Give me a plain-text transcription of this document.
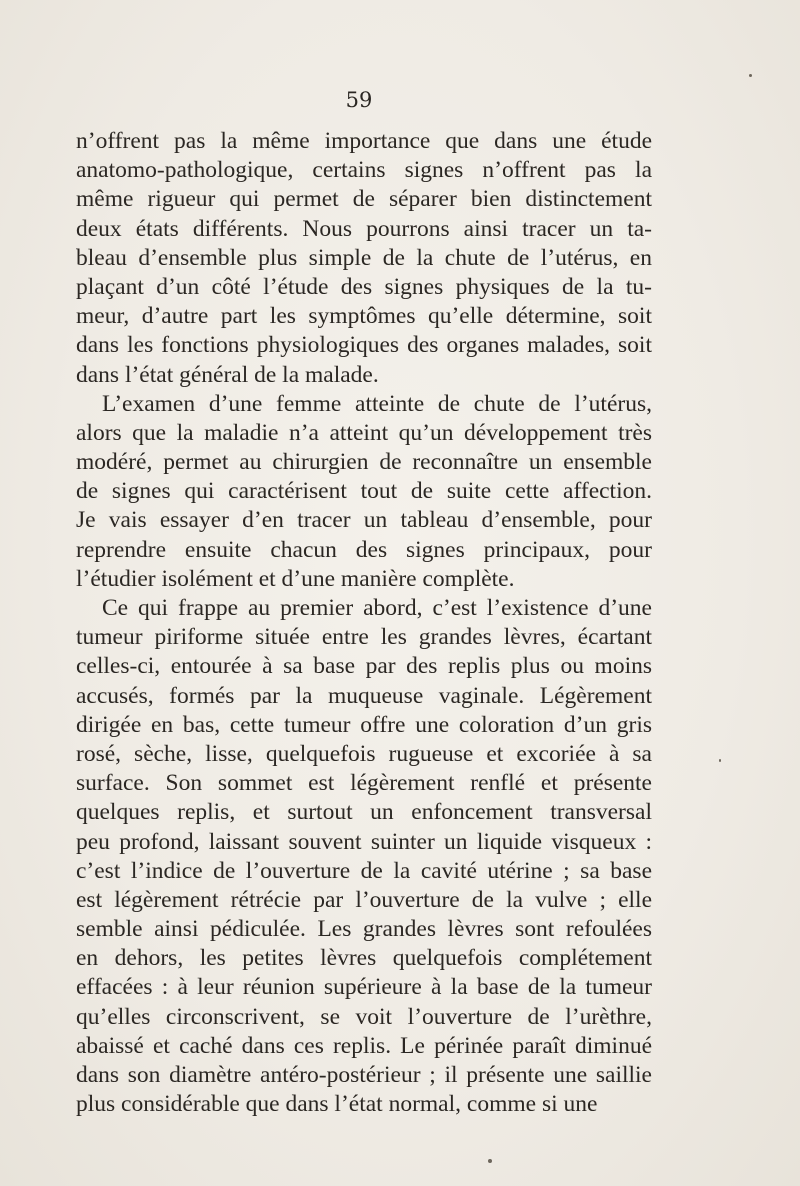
59
n’offrent pas la même importance que dans une étude
anatomo-pathologique, certains signes n’offrent pas la
même rigueur qui permet de séparer bien distinctement
deux états différents. Nous pourrons ainsi tracer un ta-
bleau d’ensemble plus simple de la chute de l’utérus, en
plaçant d’un côté l’étude des signes physiques de la tu-
meur, d’autre part les symptômes qu’elle détermine, soit
dans les fonctions physiologiques des organes malades, soit
dans l’état général de la malade.
L’examen d’une femme atteinte de chute de l’utérus,
alors que la maladie n’a atteint qu’un développement très
modéré, permet au chirurgien de reconnaître un ensemble
de signes qui caractérisent tout de suite cette affection.
Je vais essayer d’en tracer un tableau d’ensemble, pour
reprendre ensuite chacun des signes principaux, pour
l’étudier isolément et d’une manière complète.
Ce qui frappe au premier abord, c’est l’existence d’une
tumeur piriforme située entre les grandes lèvres, écartant
celles-ci, entourée à sa base par des replis plus ou moins
accusés, formés par la muqueuse vaginale. Légèrement
dirigée en bas, cette tumeur offre une coloration d’un gris
rosé, sèche, lisse, quelquefois rugueuse et excoriée à sa
surface. Son sommet est légèrement renflé et présente
quelques replis, et surtout un enfoncement transversal
peu profond, laissant souvent suinter un liquide visqueux :
c’est l’indice de l’ouverture de la cavité utérine ; sa base
est légèrement rétrécie par l’ouverture de la vulve ; elle
semble ainsi pédiculée. Les grandes lèvres sont refoulées
en dehors, les petites lèvres quelquefois complétement
effacées : à leur réunion supérieure à la base de la tumeur
qu’elles circonscrivent, se voit l’ouverture de l’urèthre,
abaissé et caché dans ces replis. Le périnée paraît diminué
dans son diamètre antéro-postérieur ; il présente une saillie
plus considérable que dans l’état normal, comme si une
